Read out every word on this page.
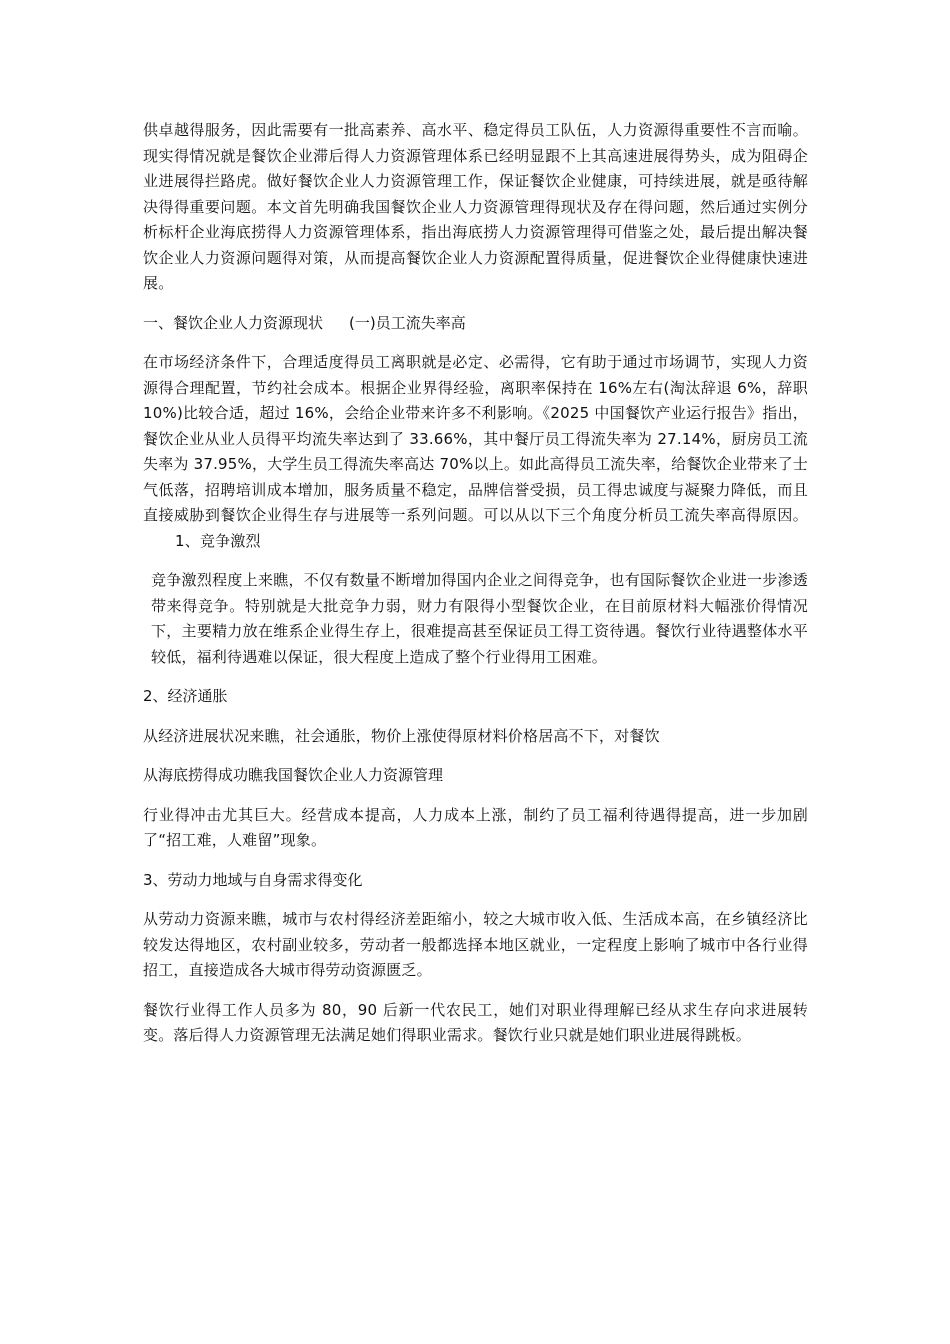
供卓越得服务，因此需要有一批高素养、高水平、稳定得员工队伍，人力资源得重要性不言而喻。现实得情况就是餐饮企业滞后得人力资源管理体系已经明显跟不上其高速进展得势头，成为阻碍企业进展得拦路虎。做好餐饮企业人力资源管理工作，保证餐饮企业健康，可持续进展，就是亟待解决得得重要问题。本文首先明确我国餐饮企业人力资源管理得现状及存在得问题，然后通过实例分析标杆企业海底捞得人力资源管理体系，指出海底捞人力资源管理得可借鉴之处，最后提出解决餐饮企业人力资源问题得对策，从而提高餐饮企业人力资源配置得质量，促进餐饮企业得健康快速进展。

一、餐饮企业人力资源现状 (一)员工流失率高

在市场经济条件下，合理适度得员工离职就是必定、必需得，它有助于通过市场调节，实现人力资源得合理配置，节约社会成本。根据企业界得经验，离职率保持在 16%左右(淘汰辞退 6%，辞职 10%)比较合适，超过 16%，会给企业带来许多不利影响。《2025 中国餐饮产业运行报告》指出，餐饮企业从业人员得平均流失率达到了 33.66%，其中餐厅员工得流失率为 27.14%，厨房员工流失率为 37.95%，大学生员工得流失率高达 70%以上。如此高得员工流失率，给餐饮企业带来了士气低落，招聘培训成本增加，服务质量不稳定，品牌信誉受损，员工得忠诚度与凝聚力降低，而且直接威胁到餐饮企业得生存与进展等一系列问题。可以从以下三个角度分析员工流失率高得原因。1、竞争激烈

竞争激烈程度上来瞧，不仅有数量不断增加得国内企业之间得竞争，也有国际餐饮企业进一步渗透带来得竞争。特别就是大批竞争力弱，财力有限得小型餐饮企业，在目前原材料大幅涨价得情况下，主要精力放在维系企业得生存上，很难提高甚至保证员工得工资待遇。餐饮行业待遇整体水平较低，福利待遇难以保证，很大程度上造成了整个行业得用工困难。

2、经济通胀

从经济进展状况来瞧，社会通胀，物价上涨使得原材料价格居高不下，对餐饮

从海底捞得成功瞧我国餐饮企业人力资源管理

行业得冲击尤其巨大。经营成本提高，人力成本上涨，制约了员工福利待遇得提高，进一步加剧了“招工难，人难留”现象。

3、劳动力地域与自身需求得变化

从劳动力资源来瞧，城市与农村得经济差距缩小，较之大城市收入低、生活成本高，在乡镇经济比较发达得地区，农村副业较多，劳动者一般都选择本地区就业，一定程度上影响了城市中各行业得招工，直接造成各大城市得劳动资源匮乏。

餐饮行业得工作人员多为 80，90 后新一代农民工，她们对职业得理解已经从求生存向求进展转变。落后得人力资源管理无法满足她们得职业需求。餐饮行业只就是她们职业进展得跳板。
